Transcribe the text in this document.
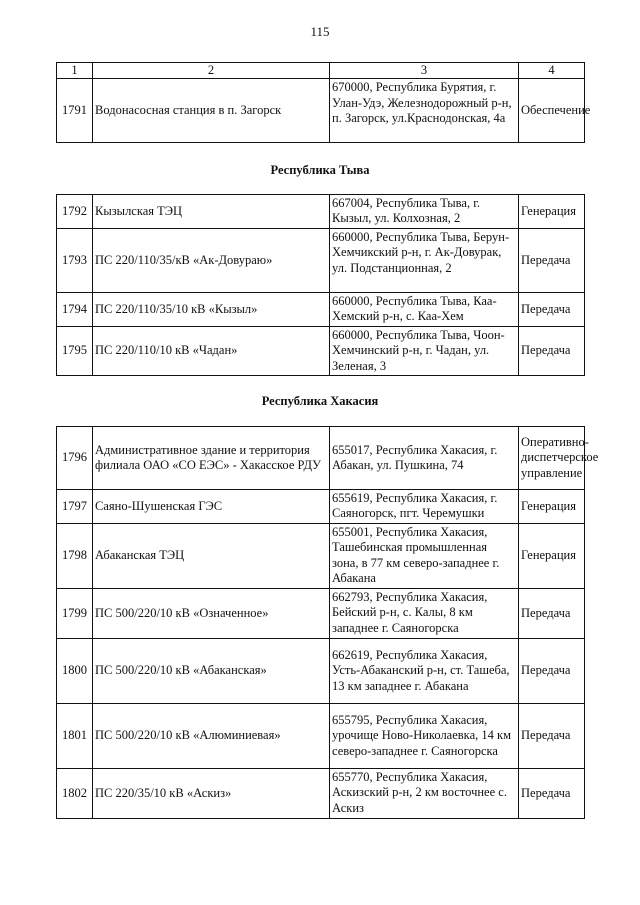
115
1	2	3	4
1791	Водонасосная станция в п. Загорск	670000, Республика Бурятия, г. Улан-Удэ, Железнодорожный р-н, п. Загорск, ул.Краснодонская, 4а	Обеспечение
Республика Тыва
1792	Кызылская ТЭЦ	667004, Республика Тыва, г. Кызыл, ул. Колхозная, 2	Генерация
1793	ПС 220/110/35/кВ «Ак-Довураю»	660000, Республика Тыва, Берун-Хемчикский р-н, г. Ак-Довурак, ул. Подстанционная, 2	Передача
1794	ПС 220/110/35/10 кВ «Кызыл»	660000, Республика Тыва, Каа-Хемский р-н, с. Каа-Хем	Передача
1795	ПС 220/110/10 кВ «Чадан»	660000, Республика Тыва, Чоон-Хемчинский р-н, г. Чадан, ул. Зеленая, 3	Передача
Республика Хакасия
1796	Административное здание и территория филиала ОАО «СО ЕЭС» - Хакасское РДУ	655017, Республика Хакасия, г. Абакан, ул. Пушкина, 74	Оперативно-диспетчерское управление
1797	Саяно-Шушенская ГЭС	655619, Республика Хакасия, г. Саяногорск, пгт. Черемушки	Генерация
1798	Абаканская ТЭЦ	655001, Республика Хакасия, Ташебинская промышленная зона, в 77 км северо-западнее г. Абакана	Генерация
1799	ПС 500/220/10 кВ «Означенное»	662793, Республика Хакасия, Бейский р-н, с. Калы, 8 км западнее г. Саяногорска	Передача
1800	ПС 500/220/10 кВ «Абаканская»	662619, Республика Хакасия, Усть-Абаканский р-н, ст. Ташеба, 13 км западнее г. Абакана	Передача
1801	ПС 500/220/10 кВ «Алюминиевая»	655795, Республика Хакасия, урочище Ново-Николаевка, 14 км северо-западнее г. Саяногорска	Передача
1802	ПС 220/35/10 кВ «Аскиз»	655770, Республика Хакасия, Аскизский р-н, 2 км восточнее с. Аскиз	Передача
